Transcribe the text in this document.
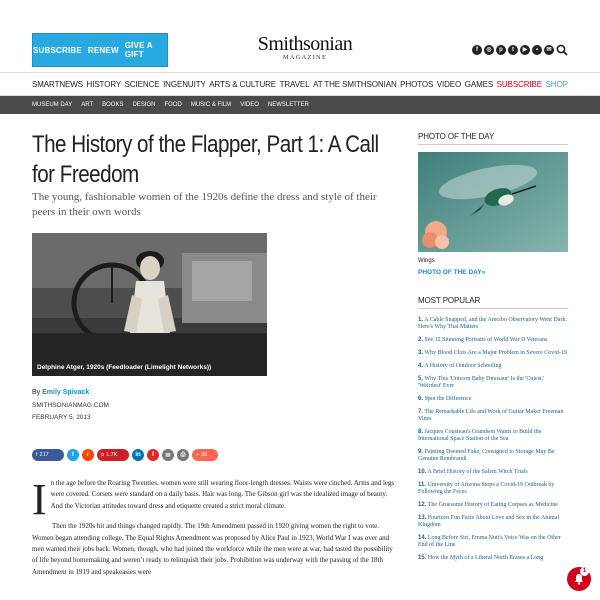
SUBSCRIBE RENEW GIVE A GIFT	Smithsonian
MAGAZINE
f	◎	p	t	▶	▪	✉
SMARTNEWS HISTORY SCIENCE INGENUITY ARTS & CULTURE TRAVEL AT THE SMITHSONIAN PHOTOS VIDEO GAMES SUBSCRIBE SHOP
MUSEUM DAY ART BOOKS DESIGN FOOD MUSIC & FILM VIDEO NEWSLETTER
The History of the Flapper, Part 1: A Call for Freedom

The young, fashionable women of the 1920s define the dress and style of their peers in their own words

Delphine Atger, 1920s (Feedloader (Limelight Networks))
By Emily Spivack
SMITHSONIANMAG.COM
FEBRUARY 5, 2013
f 217	t r p 1.7K	in f ✉ ⎙ + 65

In the age before the Roaring Twenties, women were still wearing floor-length dresses. Waists were cinched. Arms and legs were covered. Corsets were standard on a daily basis. Hair was long. The Gibson girl was the idealized image of beauty. And the Victorian attitudes toward dress and etiquette created a strict moral climate.

Then the 1920s hit and things changed rapidly. The 19th Amendment passed in 1920 giving women the right to vote. Women began attending college. The Equal Rights Amendment was proposed by Alice Paul in 1923. World War I was over and men wanted their jobs back. Women, though, who had joined the workforce while the men were at war, had tasted the possibility of life beyond homemaking and weren’t ready to relinquish their jobs. Prohibition was underway with the passing of the 18th Amendment in 1919 and speakeasies were

PHOTO OF THE DAY
Wings
PHOTO OF THE DAY»
MOST POPULAR
1. A Cable Snapped, and the Arecibo Observatory Went Dark. Here's Why That Matters
2. See 12 Stunning Portraits of World War II Veterans
3. Why Blood Clots Are a Major Problem in Severe Covid-19
4. A History of Outdoor Schooling
5. Why This 'Unicorn Baby Dinosaur' Is the 'Cutest,' 'Weirdest' Ever
6. Spot the Difference
7. The Remarkable Life and Work of Guitar Maker Freeman Vines
8. Jacques Cousteau's Grandson Wants to Build the International Space Station of the Sea
9. Painting Deemed Fake, Consigned to Storage May Be Genuine Rembrandt
10. A Brief History of the Salem Witch Trials
11. University of Arizona Stops a Covid-19 Outbreak by Following the Feces
12. The Gruesome History of Eating Corpses as Medicine
13. Fourteen Fun Facts About Love and Sex in the Animal Kingdom
14. Long Before Siri, Emma Nutt's Voice Was on the Other End of the Line
15. How the Myth of a Liberal North Erases a Long
1
